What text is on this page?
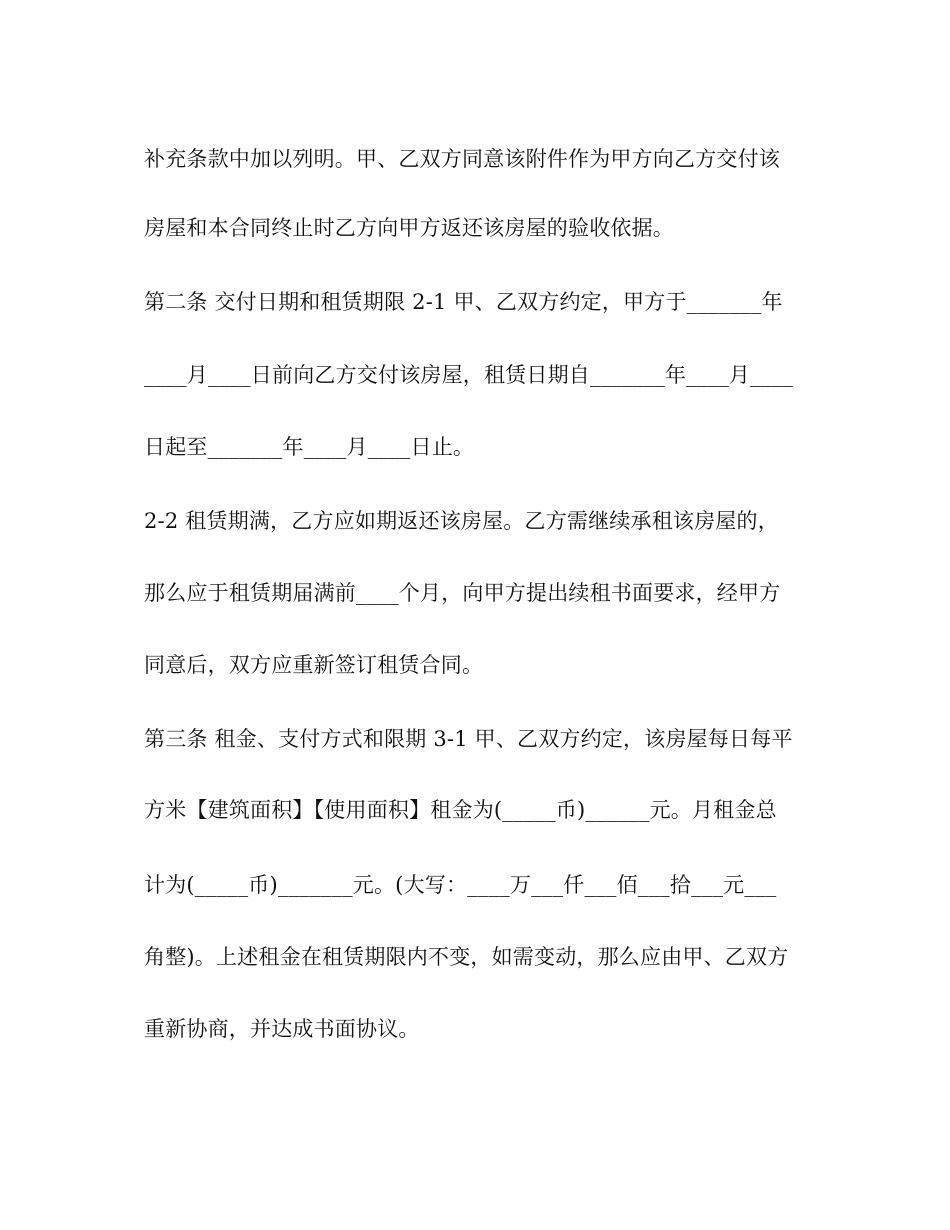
补充条款中加以列明。甲、乙双方同意该附件作为甲方向乙方交付该

房屋和本合同终止时乙方向甲方返还该房屋的验收依据。

第二条 交付日期和租赁期限 2-1 甲、乙双方约定，甲方于_______年

____月____日前向乙方交付该房屋，租赁日期自_______年____月____

日起至_______年____月____日止。

2-2 租赁期满，乙方应如期返还该房屋。乙方需继续承租该房屋的，

那么应于租赁期届满前____个月，向甲方提出续租书面要求，经甲方

同意后，双方应重新签订租赁合同。

第三条 租金、支付方式和限期 3-1 甲、乙双方约定，该房屋每日每平

方米【建筑面积】【使用面积】租金为(_____币)______元。月租金总

计为(_____币)_______元。(大写：____万___仟___佰___拾___元___

角整)。上述租金在租赁期限内不变，如需变动，那么应由甲、乙双方

重新协商，并达成书面协议。
